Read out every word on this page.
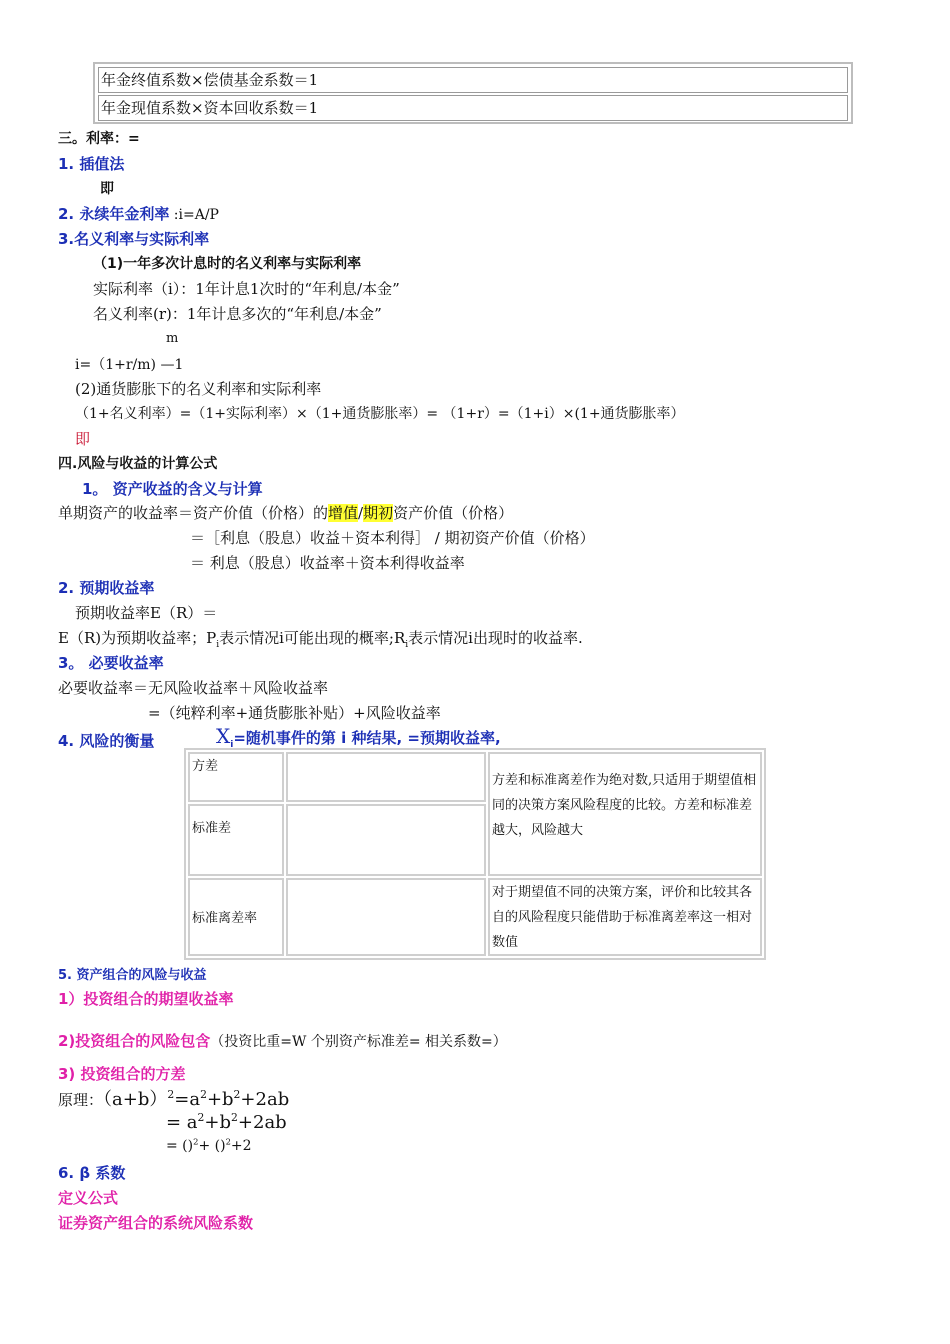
年金终值系数×偿债基金系数＝1
年金现值系数×资本回收系数＝1
三。利率：=
1. 插值法
即
2. 永续年金利率 :i=A/P
3.名义利率与实际利率
（1)一年多次计息时的名义利率与实际利率
实际利率（i）：1年计息1次时的“年利息/本金”
名义利率(r)：1年计息多次的“年利息/本金”
m
i=（1+r/m) —1
(2)通货膨胀下的名义利率和实际利率
（1+名义利率）=（1+实际利率）×（1+通货膨胀率）= （1+r）=（1+i）×(1+通货膨胀率）
即
四.风险与收益的计算公式
1。 资产收益的含义与计算
单期资产的收益率＝资产价值（价格）的增值/期初资产价值（价格）
＝［利息（股息）收益＋资本利得］ / 期初资产价值（价格）
＝ 利息（股息）收益率＋资本利得收益率
2. 预期收益率
预期收益率E（R）＝
E（R)为预期收益率；$P_i$表示情况i可能出现的概率$;R_i$表示情况i出现时的收益率.
3。 必要收益率
必要收益率＝无风险收益率＋风险收益率
=（纯粹利率+通货膨胀补贴）+风险收益率
4. 风险的衡量	$X_i=$随机事件的第 i 种结果, =预期收益率,
方差
标准差
方差和标准离差作为绝对数,只适用于期望值相同的决策方案风险程度的比较。方差和标准差越大，风险越大
标准离差率
对于期望值不同的决策方案，评价和比较其各自的风险程度只能借助于标准离差率这一相对数值
5. 资产组合的风险与收益
1）投资组合的期望收益率
2)投资组合的风险包含（投资比重=W 个别资产标准差= 相关系数=）
3) 投资组合的方差
原理：$(a+b)^2=a^2+b^2+2ab$
= $a^2+b^2+2ab$
= ()$^2$+ ()$^2$+2
6. β 系数
定义公式
证券资产组合的系统风险系数
